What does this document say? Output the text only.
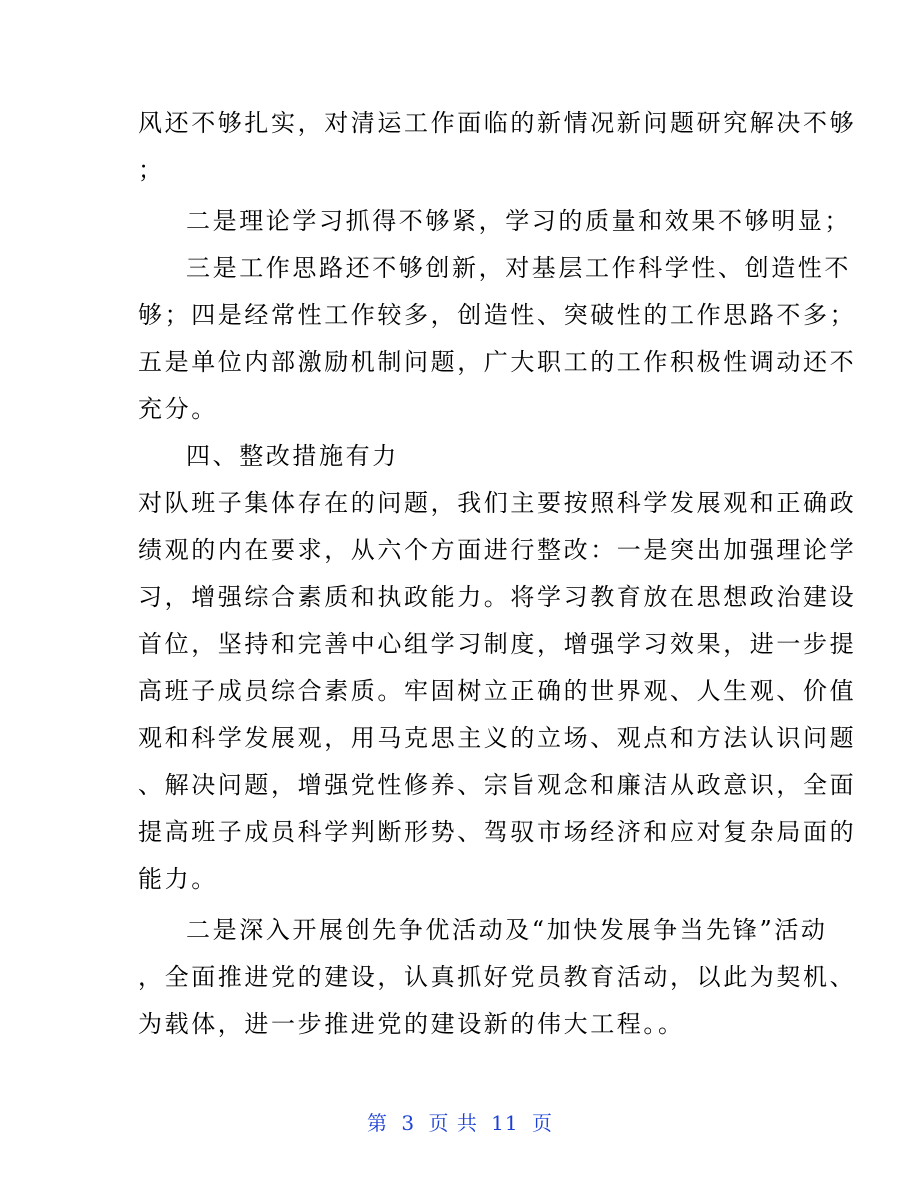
风还不够扎实，对清运工作面临的新情况新问题研究解决不够
；
二是理论学习抓得不够紧，学习的质量和效果不够明显；
三是工作思路还不够创新，对基层工作科学性、创造性不
够；四是经常性工作较多，创造性、突破性的工作思路不多；
五是单位内部激励机制问题，广大职工的工作积极性调动还不
充分。
四、整改措施有力
对队班子集体存在的问题，我们主要按照科学发展观和正确政
绩观的内在要求，从六个方面进行整改：一是突出加强理论学
习，增强综合素质和执政能力。将学习教育放在思想政治建设
首位，坚持和完善中心组学习制度，增强学习效果，进一步提
高班子成员综合素质。牢固树立正确的世界观、人生观、价值
观和科学发展观，用马克思主义的立场、观点和方法认识问题
、解决问题，增强党性修养、宗旨观念和廉洁从政意识，全面
提高班子成员科学判断形势、驾驭市场经济和应对复杂局面的
能力。
二是深入开展创先争优活动及“加快发展争当先锋”活动
，全面推进党的建设，认真抓好党员教育活动，以此为契机、
为载体，进一步推进党的建设新的伟大工程。。
第 3 页 共 11 页
